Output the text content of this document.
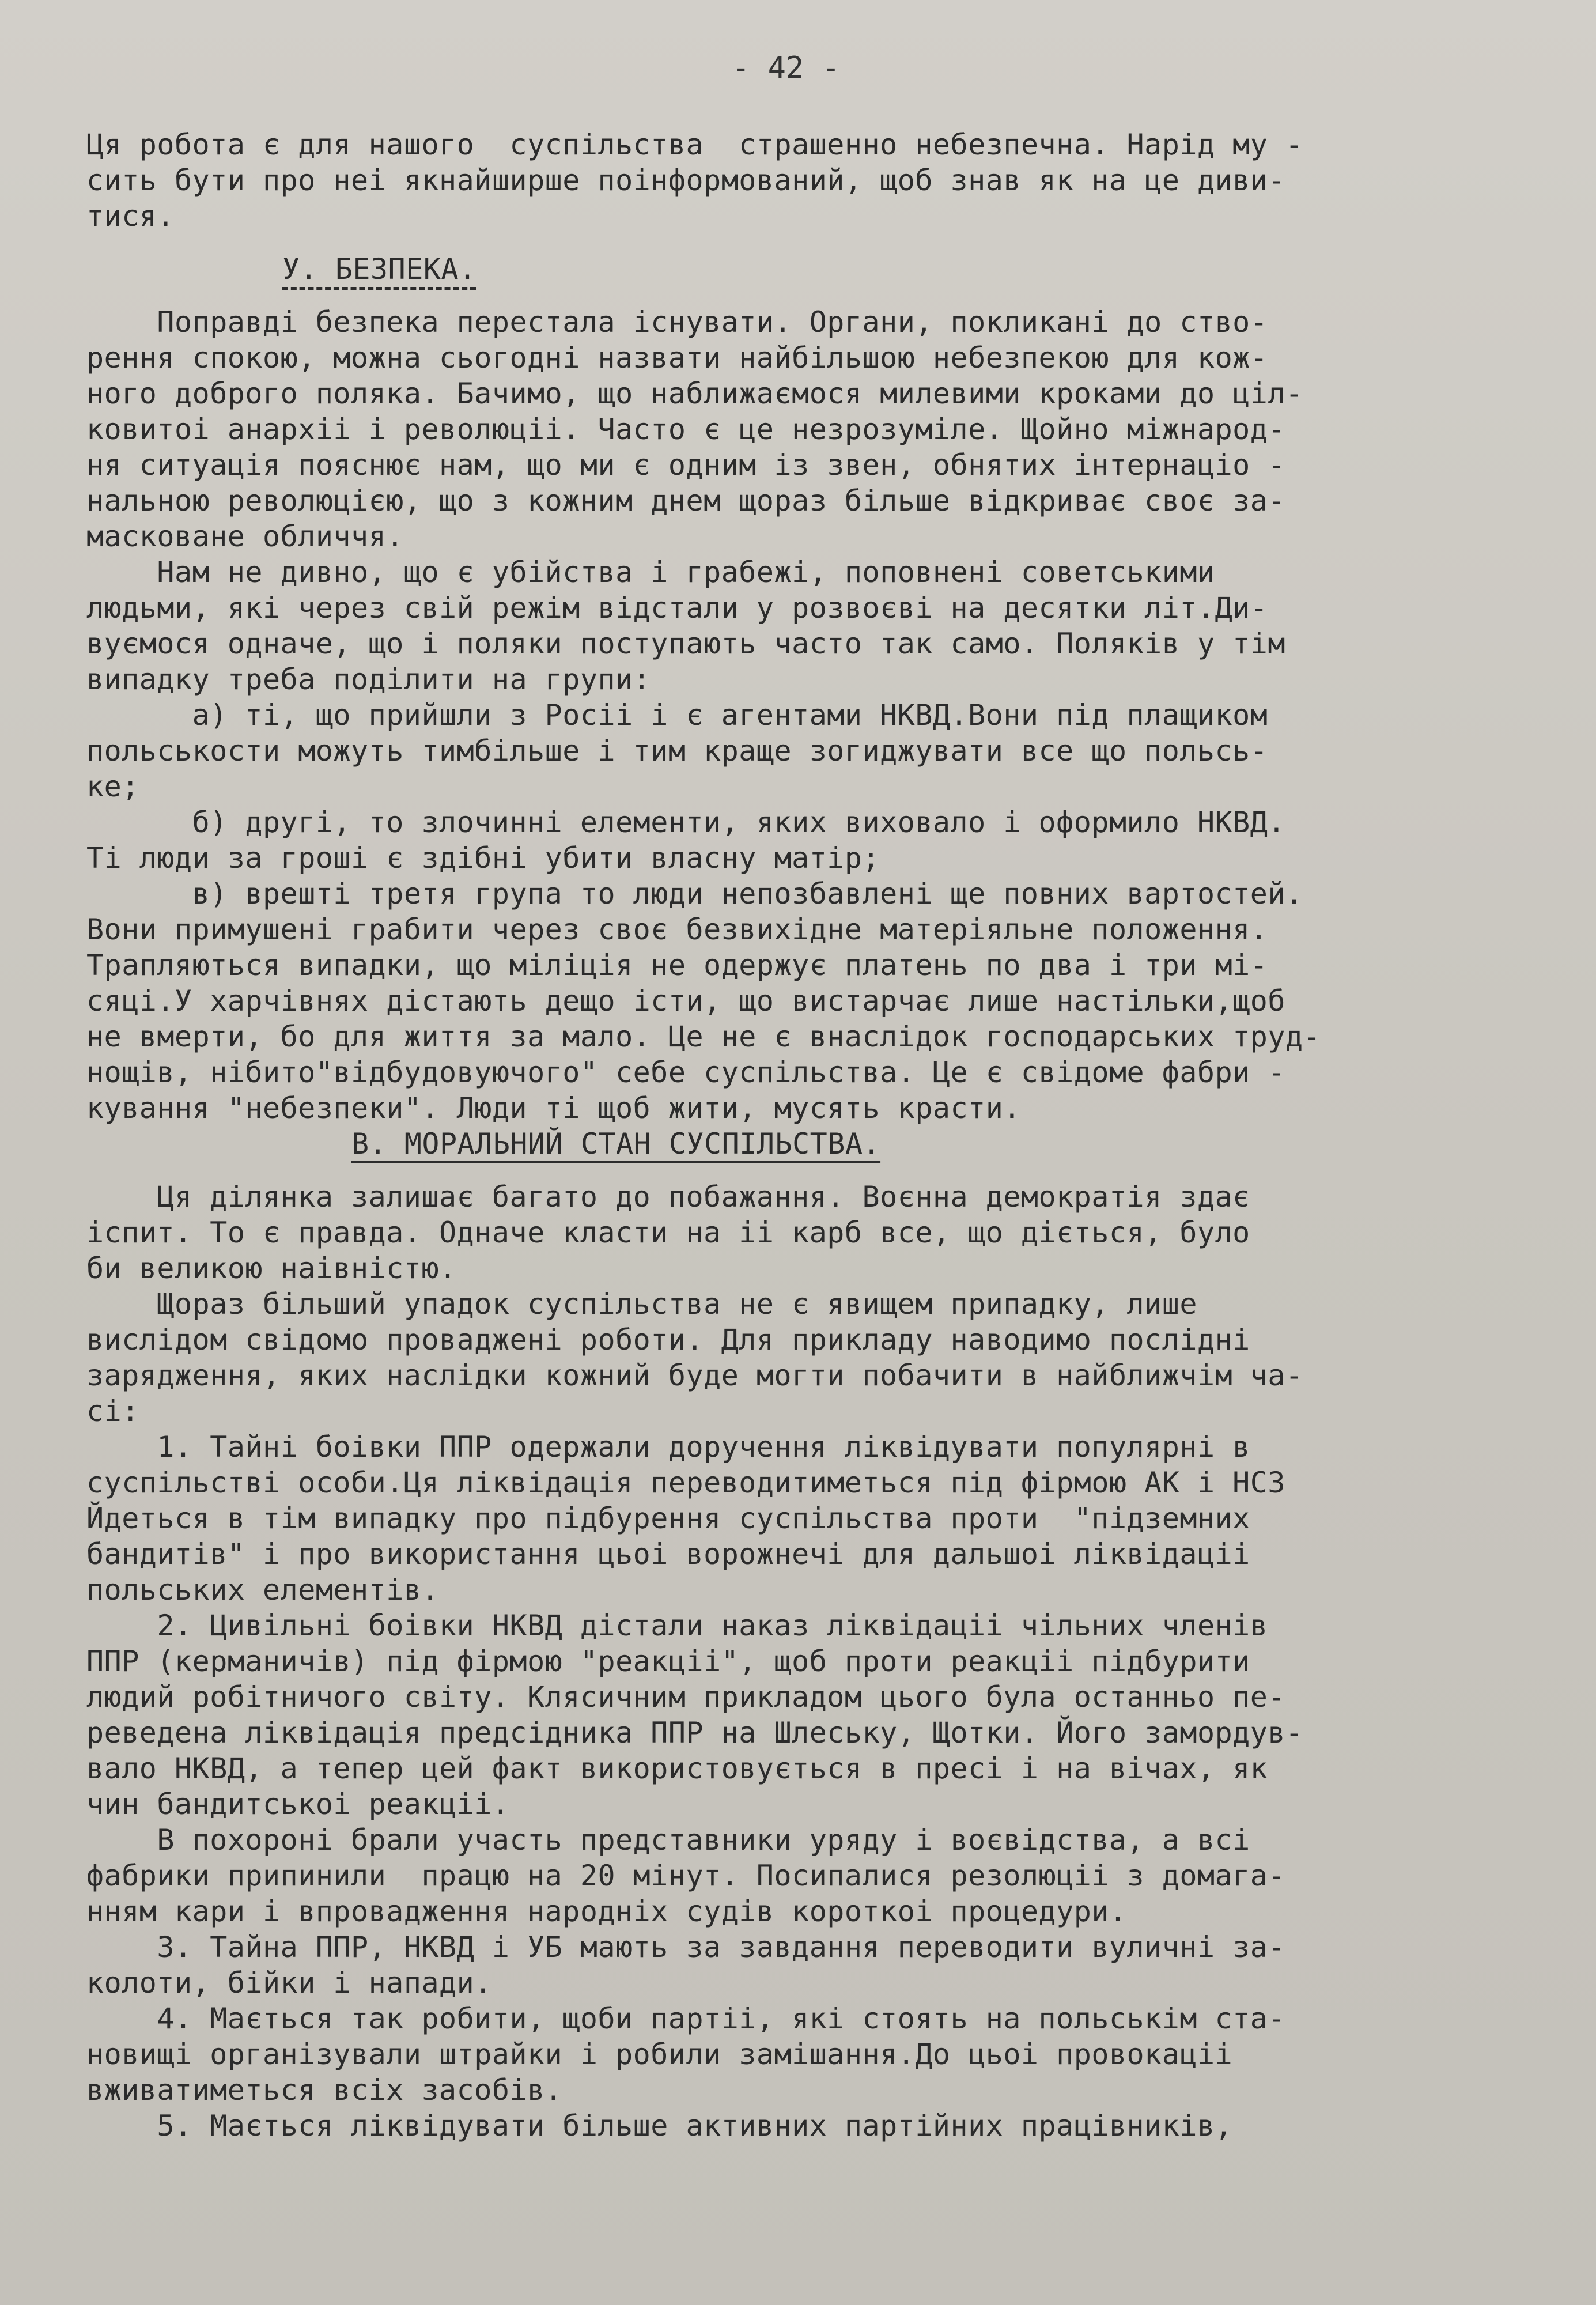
- 42 -
Ця робота є для нашого  суспільства  страшенно небезпечна. Нарід му -
сить бути про неі якнайширше поінформований, щоб знав як на це диви-
тися.
У. БЕЗПЕКА.
Поправді безпека перестала існувати. Органи, покликані до ство-
рення спокою, можна сьогодні назвати найбільшою небезпекою для кож-
ного доброго поляка. Бачимо, що наближаємося милевими кроками до ціл-
ковитоі анархіі і революціі. Часто є це незрозуміле. Щойно міжнарод-
ня ситуація пояснює нам, що ми є одним із звен, обнятих інтернаціо -
нальною революцією, що з кожним днем щораз більше відкриває своє за-
масковане обличчя.
Нам не дивно, що є убійства і грабежі, поповнені советськими
людьми, які через свій режім відстали у розвоєві на десятки літ.Ди-
вуємося одначе, що і поляки поступають часто так само. Поляків у тім
випадку треба поділити на групи:
а) ті, що прийшли з Росіі і є агентами НКВД.Вони під плащиком
польськости можуть тимбільше і тим краще зогиджувати все що польсь-
ке;
б) другі, то злочинні елементи, яких виховало і оформило НКВД.
Ті люди за гроші є здібні убити власну матір;
в) врешті третя група то люди непозбавлені ще повних вартостей.
Вони примушені грабити через своє безвихідне матеріяльне положення.
Трапляються випадки, що міліція не одержує платень по два і три мі-
сяці.У харчівнях дістають дещо істи, що вистарчає лише настільки,щоб
не вмерти, бо для життя за мало. Це не є внаслідок господарських труд-
нощів, нібито"відбудовуючого" себе суспільства. Це є свідоме фабри -
кування "небезпеки". Люди ті щоб жити, мусять красти.
В. МОРАЛЬНИЙ СТАН СУСПІЛЬСТВА.
Ця ділянка залишає багато до побажання. Воєнна демократія здає
іспит. То є правда. Одначе класти на іі карб все, що діється, було
би великою наівністю.
Щораз більший упадок суспільства не є явищем припадку, лише
вислідом свідомо проваджені роботи. Для прикладу наводимо послідні
зарядження, яких наслідки кожний буде могти побачити в найближчім ча-
сі:
1. Тайні боівки ППР одержали доручення ліквідувати популярні в
суспільстві особи.Ця ліквідація переводитиметься під фірмою АК і НСЗ
Йдеться в тім випадку про підбурення суспільства проти  "підземних
бандитів" і про використання цьоі ворожнечі для дальшоі ліквідаціі
польських елементів.
2. Цивільні боівки НКВД дістали наказ ліквідаціі чільних членів
ППР (керманичів) під фірмою "реакціі", щоб проти реакціі підбурити
людий робітничого світу. Клясичним прикладом цього була останньо пе-
реведена ліквідація предсідника ППР на Шлеську, Щотки. Його замордув-
вало НКВД, а тепер цей факт використовується в пресі і на вічах, як
чин бандитськоі реакціі.
В похороні брали участь представники уряду і воєвідства, а всі
фабрики припинили  працю на 20 мінут. Посипалися резолюціі з домага-
нням кари і впровадження народніх судів короткоі процедури.
3. Тайна ППР, НКВД і УБ мають за завдання переводити вуличні за-
колоти, бійки і напади.
4. Мається так робити, щоби партіі, які стоять на польськім ста-
новищі організували штрайки і робили замішання.До цьоі провокаціі
вживатиметься всіх засобів.
5. Мається ліквідувати більше активних партійних працівників,
